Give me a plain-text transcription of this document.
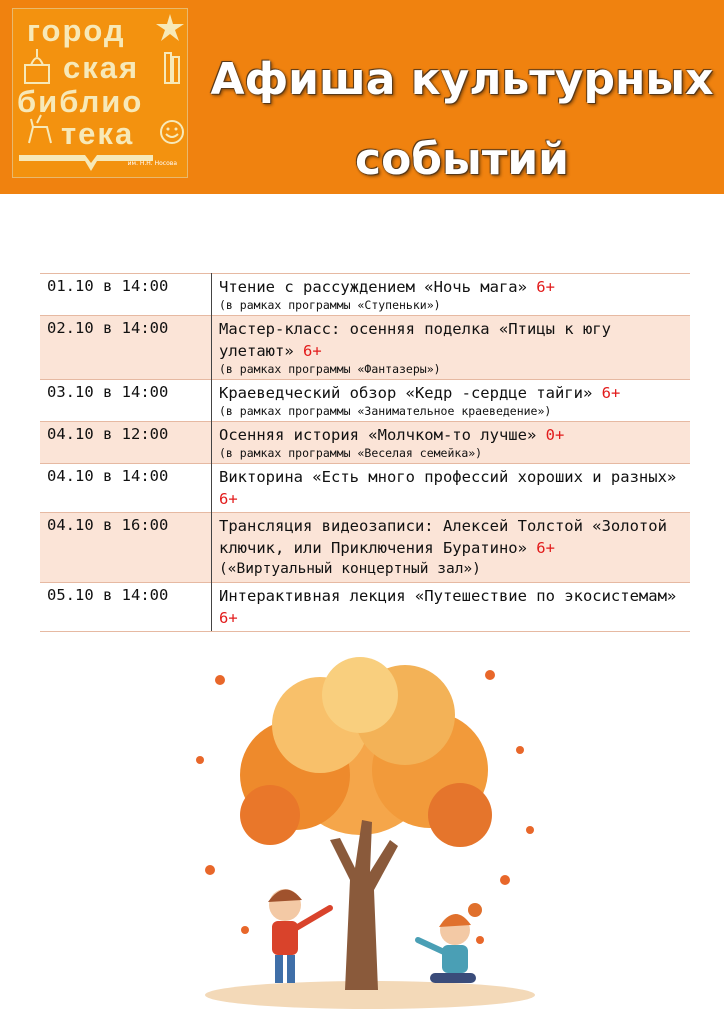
город
ская
библио
тека
им. Н.Н. Носова
Афиша культурных
событий
01.10 в 14:00	Чтение с рассуждением «Ночь мага» 6+
(в рамках программы «Ступеньки»)

02.10 в 14:00	Мастер-класс: осенняя поделка «Птицы к югу улетают» 6+
(в рамках программы «Фантазеры»)

03.10 в 14:00	Краеведческий обзор «Кедр -сердце тайги» 6+
(в рамках программы «Занимательное краеведение»)

04.10 в 12:00	Осенняя история «Молчком-то лучше» 0+
(в рамках программы «Веселая семейка»)

04.10 в 14:00	Викторина «Есть много профессий хороших и разных» 6+
04.10 в 16:00	Трансляция видеозаписи: Алексей Толстой «Золотой ключик, или Приключения Буратино» 6+
(«Виртуальный концертный зал»)

05.10 в 14:00	Интерактивная лекция «Путешествие по экосистемам» 6+
